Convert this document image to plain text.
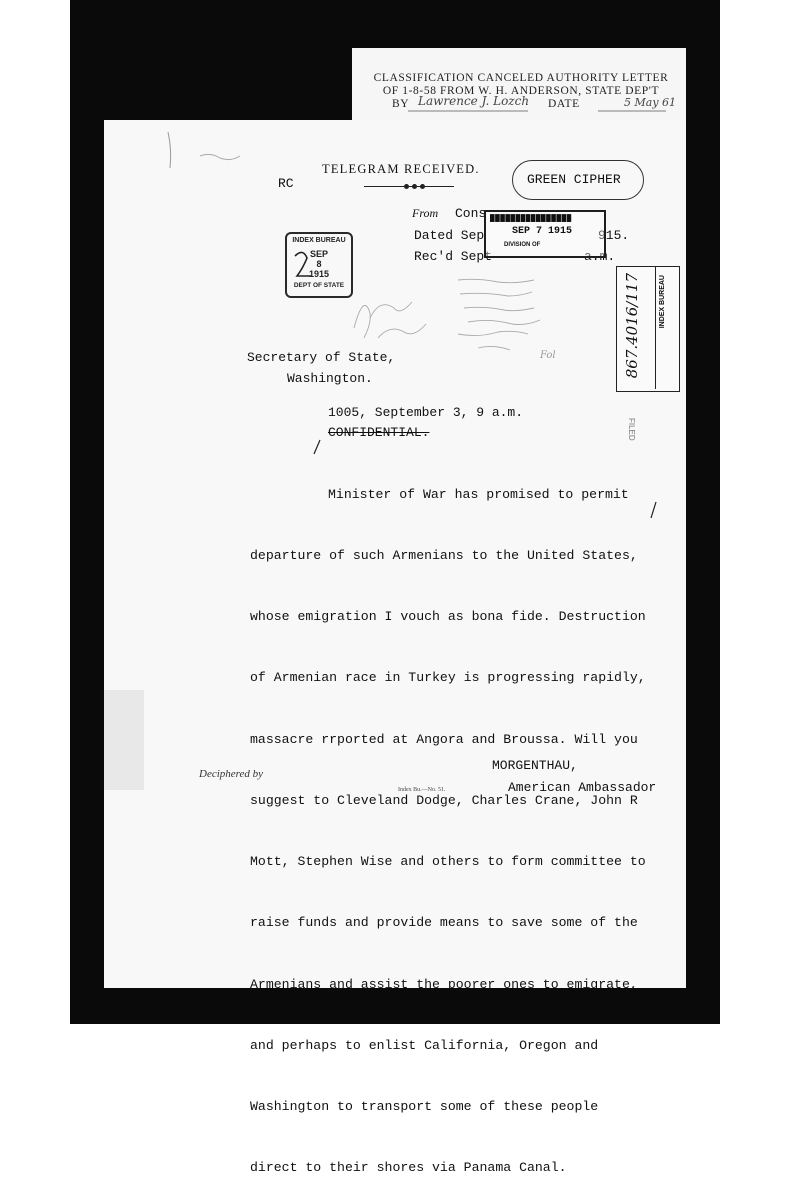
CLASSIFICATION CANCELED AUTHORITY LETTER
OF 1-8-58 FROM W. H. ANDERSON, STATE DEP'T
BY Lawrence J. Lozch	DATE	5 May 61
RC
TELEGRAM RECEIVED.
GREEN CIPHER
From Cons
Dated Sep	915.
Rec'd Sept	a.m.
████████████████
SEP 7 1915
DIVISION OF
INDEX BUREAU
SEP
8
1915
DEPT OF STATE
Fol	867.4016/117	INDEX BUREAU
FILED
Secretary of State,
Washington.
1005, September 3, 9 a.m.
CONFIDENTIAL.

Minister of War has promised to permit

departure of such Armenians to the United States,

whose emigration I vouch as bona fide. Destruction

of Armenian race in Turkey is progressing rapidly,

massacre rrported at Angora and Broussa. Will you

suggest to Cleveland Dodge, Charles Crane, John R

Mott, Stephen Wise and others to form committee to

raise funds and provide means to save some of the

Armenians and assist the poorer ones to emigrate,

and perhaps to enlist California, Oregon and

Washington to transport some of these people

direct to their shores via Panama Canal.

MORGENTHAU,
American Ambassador
Deciphered by
Index Bu.—No. 51.
